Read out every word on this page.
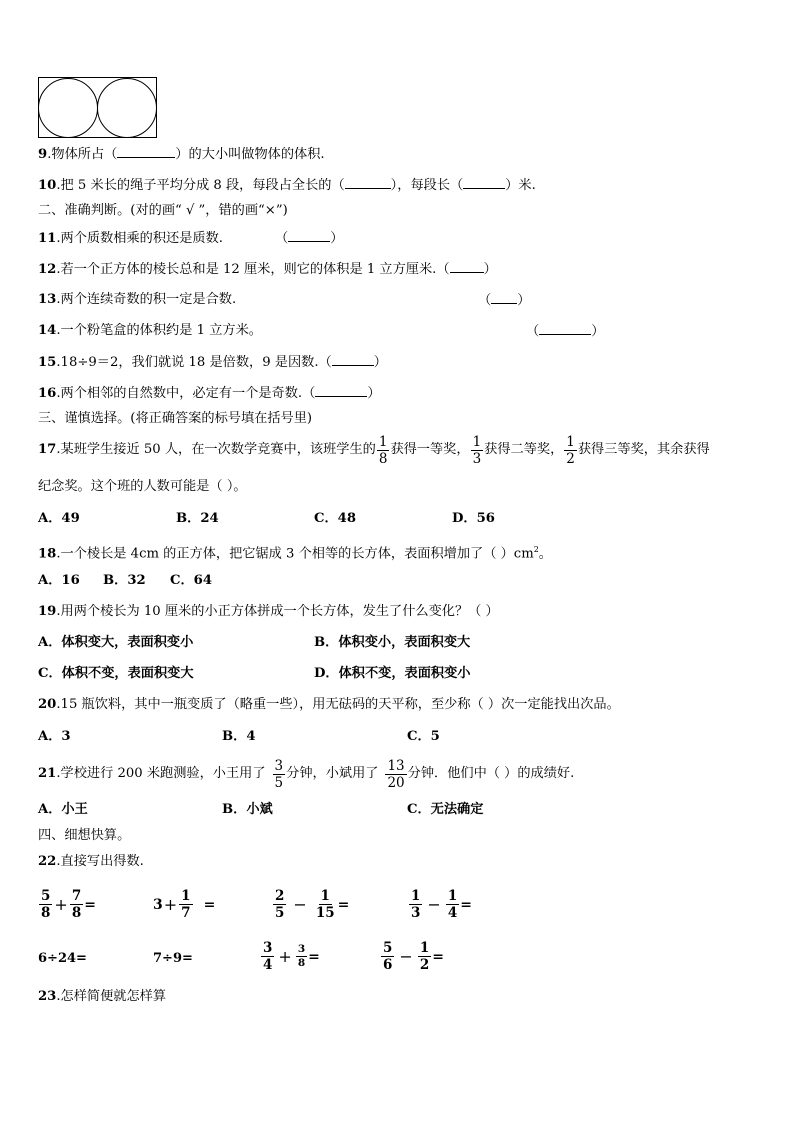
9.物体所占（	）的大小叫做物体的体积.
10.把 5 米长的绳子平均分成 8 段，每段占全长的（	），每段长（	）米.
二、准确判断。(对的画“ √ ”，错的画“×”)
11.两个质数相乘的积还是质数.	（	）
12.若一个正方体的棱长总和是 12 厘米，则它的体积是 1 立方厘米.（	）
13.两个连续奇数的积一定是合数.	（ ）
14.一个粉笔盒的体积约是 1 立方米。	（	）
15.18÷9＝2，我们就说 18 是倍数，9 是因数.（	）
16.两个相邻的自然数中，必定有一个是奇数.（	）
三、谨慎选择。(将正确答案的标号填在括号里)
17 .某班学生接近 50 人，在一次数学竞赛中，该班学生的 $\frac{1}{8}$ 获得一等奖， $\frac{1}{3}$ 获得二等奖， $\frac{1}{2}$ 获得三等奖，其余获得
纪念奖。这个班的人数可能是（ ）。
A．49	B．24	C．48	D．56
18.一个棱长是 4cm 的正方体，把它锯成 3 个相等的长方体，表面积增加了（ ）$cm^2$。
A．16 B．32 C．64
19.用两个棱长为 10 厘米的小正方体拼成一个长方体，发生了什么变化？（ ）
A．体积变大，表面积变小	B．体积变小，表面积变大
C．体积不变，表面积变大	D．体积不变，表面积变小
20.15 瓶饮料，其中一瓶变质了（略重一些），用无砝码的天平称，至少称（ ）次一定能找出次品。
A．3	B．4	C．5
21 .学校进行 200 米跑测验，小王用了 $\frac{3}{5}$ 分钟，小斌用了 $\frac{13}{20}$ 分钟．他们中（ ）的成绩好.
A．小王	B．小斌	C．无法确定
四、细想快算。
22.直接写出得数.
$\frac{5}{8} + \frac{7}{8}$ =	$3 + \frac{1}{7}$ =	$\frac{2}{5} - \frac{1}{15}$ =	$\frac{1}{3} - \frac{1}{4}$ =
6÷24=	7÷9=	$\frac{3}{4} + \frac{3}{8}$ =	$\frac{5}{6} - \frac{1}{2}$ =
23.怎样简便就怎样算
